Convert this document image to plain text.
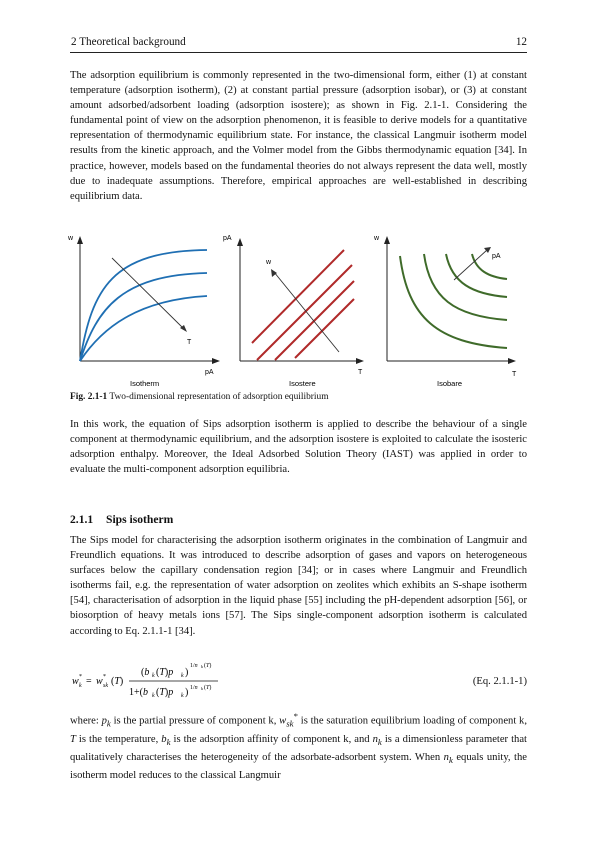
2 Theoretical background	12

The adsorption equilibrium is commonly represented in the two-dimensional form, either (1) at constant temperature (adsorption isotherm), (2) at constant partial pressure (adsorption isobar), or (3) at constant amount adsorbed/adsorbent loading (adsorption isostere); as shown in Fig. 2.1-1. Considering the fundamental point of view on the adsorption phenomenon, it is feasible to derive models for a quantitative representation of thermodynamic equilibrium state. For instance, the classical Langmuir isotherm model results from the kinetic approach, and the Volmer model from the Gibbs thermodynamic equation [34]. In practice, however, models based on the fundamental theories do not always represent the data well, mostly due to inadequate assumptions. Therefore, empirical approaches are well-established in describing equilibrium data.

w
pA
T
Isotherm
pA
T
w
Isostere
w
T
pA
Isobare
Fig. 2.1-1 Two-dimensional representation of adsorption equilibrium

In this work, the equation of Sips adsorption isotherm is applied to describe the behaviour of a single component at thermodynamic equilibrium, and the adsorption isostere is exploited to calculate the isosteric adsorption enthalpy. Moreover, the Ideal Adsorbed Solution Theory (IAST) was applied in order to evaluate the multi-component adsorption equilibria.

2.1.1 Sips isotherm

The Sips model for characterising the adsorption isotherm originates in the combination of Langmuir and Freundlich equations. It was introduced to describe adsorption of gases and vapors on heterogeneous surfaces below the capillary condensation region [34]; or in cases where Langmuir and Freundlich isotherms fail, e.g. the representation of water adsorption on zeolites which exhibits an S-shape isotherm [54], characterisation of adsorption in the liquid phase [55] including the pH-dependent adsorption [56], or biosorption of heavy metals ions [57]. The Sips single-component adsorption isotherm is calculated according to Eq. 2.1.1-1 [34].

w k
* = w sk
* (T)
(b k (T)p k )
1/n k (T)
1+(b k (T)p k ) 1/n k (T)
(Eq. 2.1.1-1)

where: $p_k$ is the partial pressure of component k, $w_{sk}^*$ is the saturation equilibrium loading of component k, T is the temperature, $b_k$ is the adsorption affinity of component k, and $n_k$ is a dimensionless parameter that qualitatively characterises the heterogeneity of the adsorbate-adsorbent system. When $n_k$ equals unity, the isotherm model reduces to the classical Langmuir
